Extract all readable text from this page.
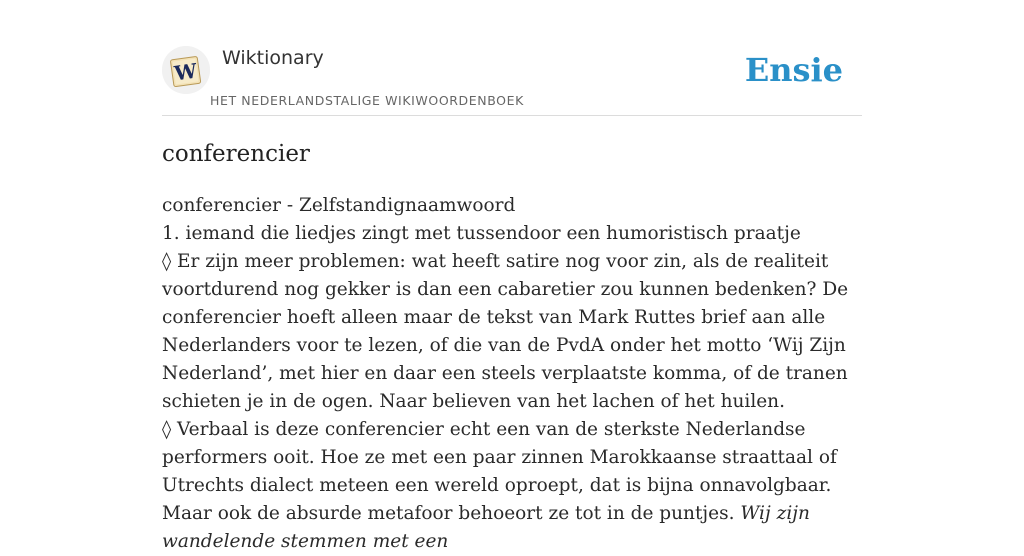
W
Wiktionary
HET NEDERLANDSTALIGE WIKIWOORDENBOEK
Ensie
conferencier

conferencier - Zelfstandignaamwoord

1. iemand die liedjes zingt met tussendoor een humoristisch praatje

◊ Er zijn meer problemen: wat heeft satire nog voor zin, als de realiteit voortdurend nog gekker is dan een cabaretier zou kunnen bedenken? De conferencier hoeft alleen maar de tekst van Mark Ruttes brief aan alle Nederlanders voor te lezen, of die van de PvdA onder het motto ‘Wij Zijn Nederland’, met hier en daar een steels verplaatste komma, of de tranen schieten je in de ogen. Naar believen van het lachen of het huilen.

◊ Verbaal is deze conferencier echt een van de sterkste Nederlandse performers ooit. Hoe ze met een paar zinnen Marokkaanse straattaal of Utrechts dialect meteen een wereld oproept, dat is bijna onnavolgbaar. Maar ook de absurde metafoor behoeort ze tot in de puntjes. Wij zijn wandelende stemmen met een
